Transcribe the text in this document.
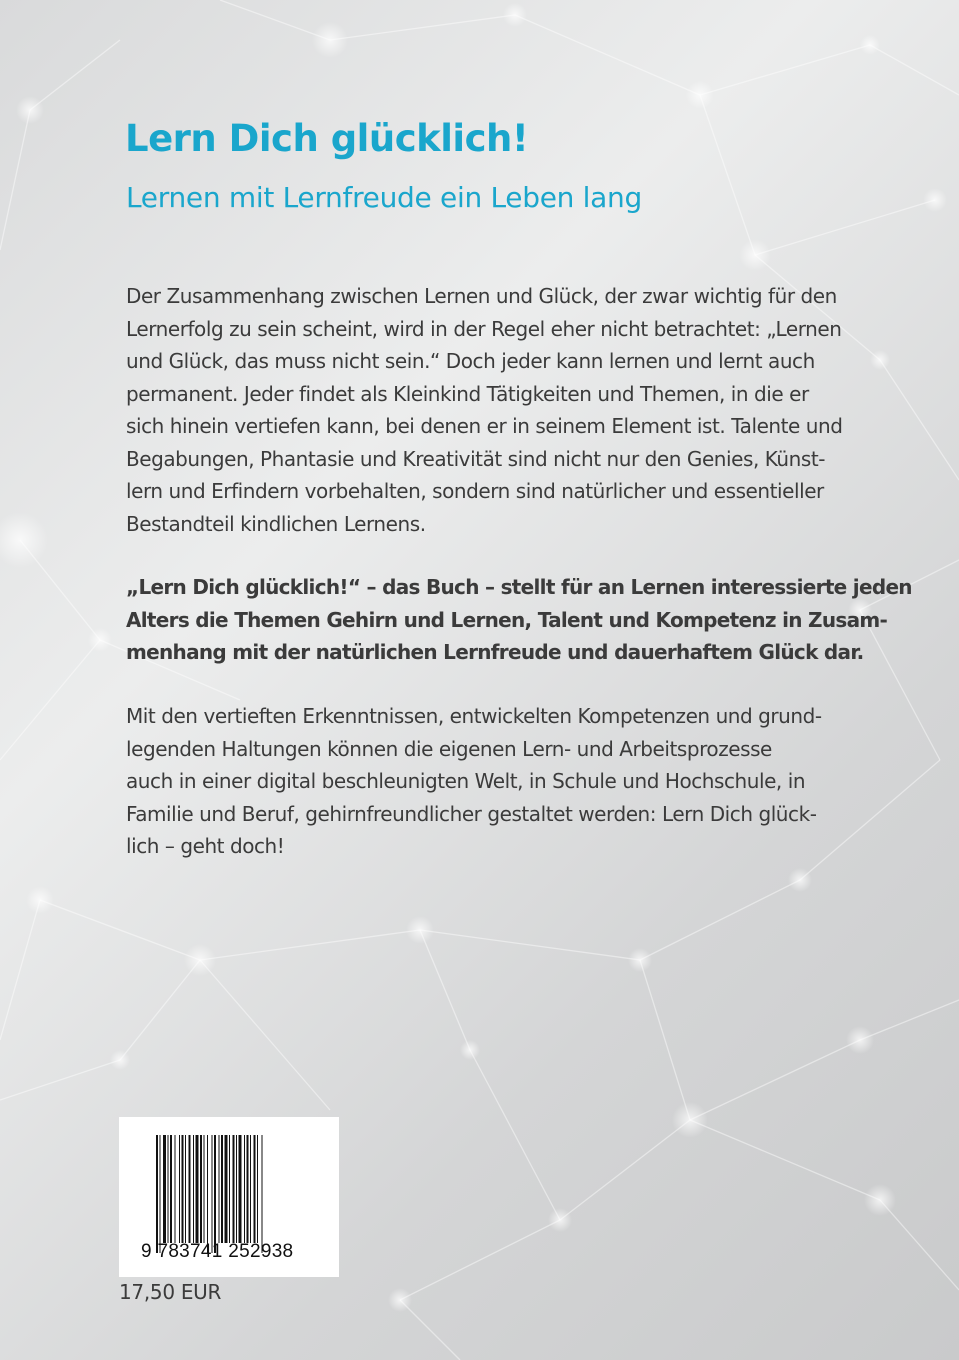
Lern Dich glücklich!
Lernen mit Lernfreude ein Leben lang

Der Zusammenhang zwischen Lernen und Glück, der zwar wichtig für den
Lernerfolg zu sein scheint, wird in der Regel eher nicht betrachtet: „Lernen
und Glück, das muss nicht sein.“ Doch jeder kann lernen und lernt auch
permanent. Jeder findet als Kleinkind Tätigkeiten und Themen, in die er
sich hinein vertiefen kann, bei denen er in seinem Element ist. Talente und
Begabungen, Phantasie und Kreativität sind nicht nur den Genies, Künst-
lern und Erfindern vorbehalten, sondern sind natürlicher und essentieller
Bestandteil kindlichen Lernens.

„Lern Dich glücklich!“ – das Buch – stellt für an Lernen interessierte jeden
Alters die Themen Gehirn und Lernen, Talent und Kompetenz in Zusam-
menhang mit der natürlichen Lernfreude und dauerhaftem Glück dar.

Mit den vertieften Erkenntnissen, entwickelten Kompetenzen und grund-
legenden Haltungen können die eigenen Lern- und Arbeitsprozesse
auch in einer digital beschleunigten Welt, in Schule und Hochschule, in
Familie und Beruf, gehirnfreundlicher gestaltet werden: Lern Dich glück-
lich – geht doch!

9 783741 252938
17,50 EUR
